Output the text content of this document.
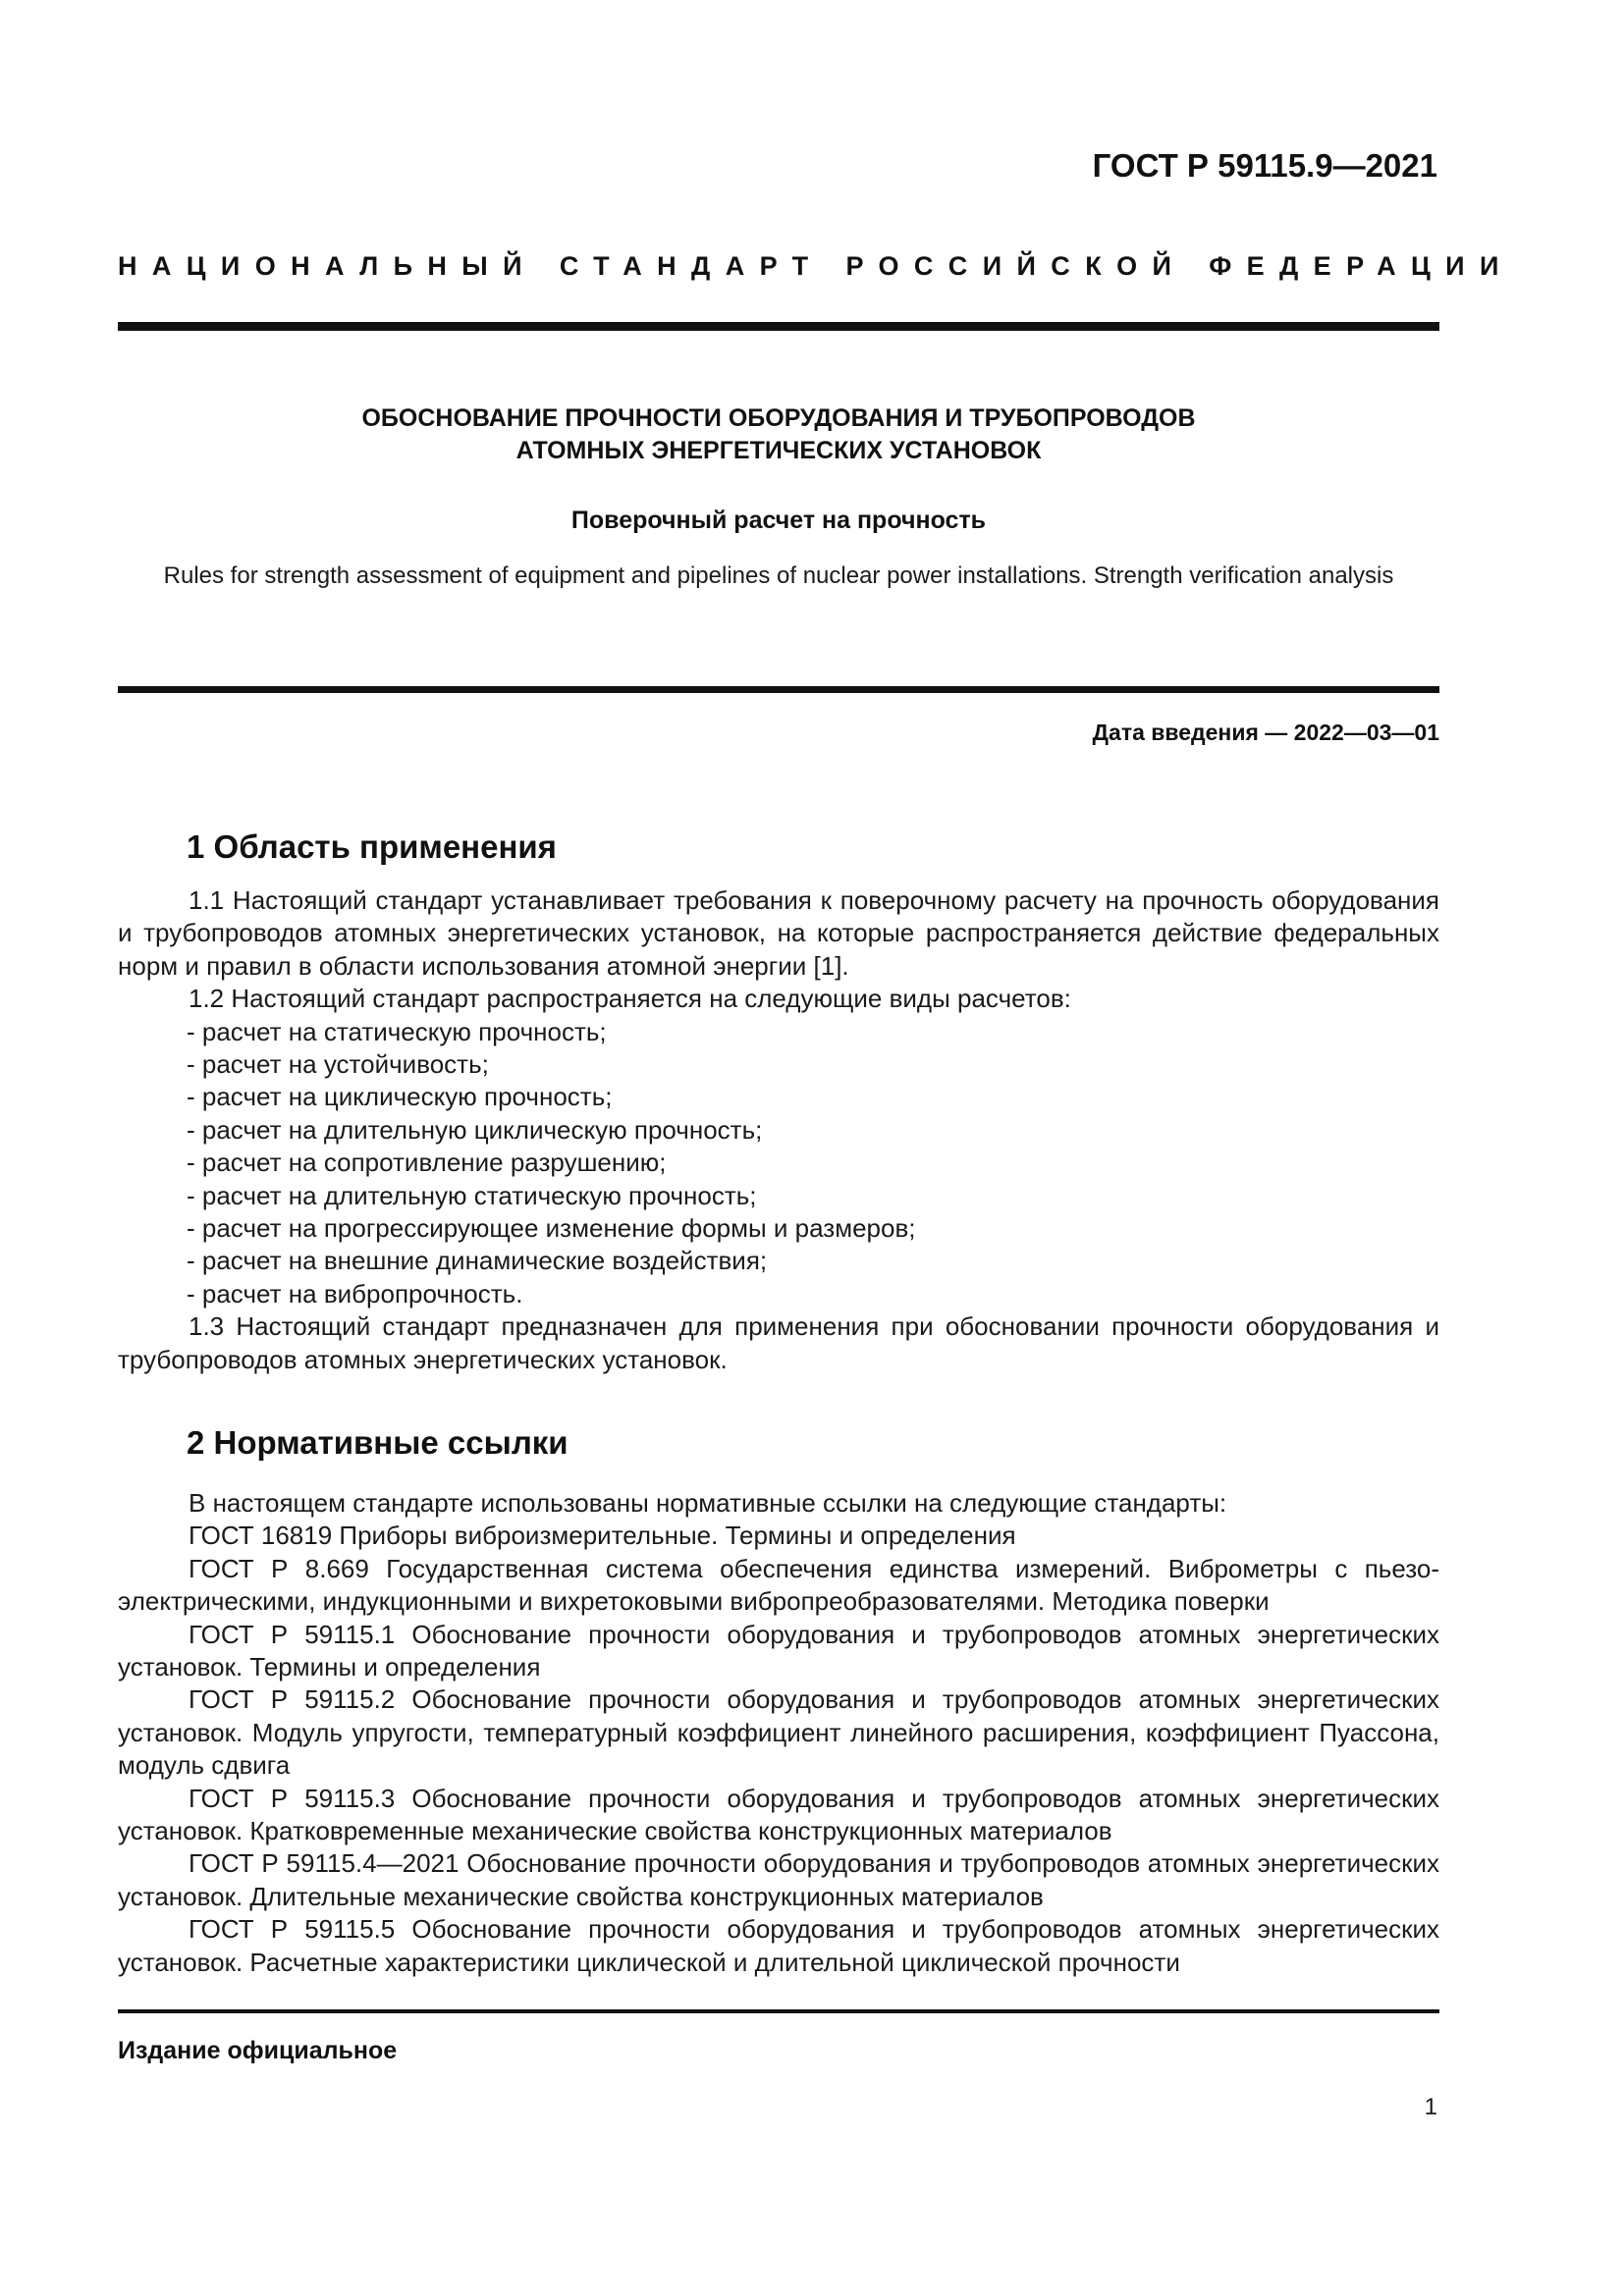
ГОСТ Р 59115.9—2021
НАЦИОНАЛЬНЫЙ СТАНДАРТ РОССИЙСКОЙ ФЕДЕРАЦИИ
ОБОСНОВАНИЕ ПРОЧНОСТИ ОБОРУДОВАНИЯ И ТРУБОПРОВОДОВ
АТОМНЫХ ЭНЕРГЕТИЧЕСКИХ УСТАНОВОК
Поверочный расчет на прочность
Rules for strength assessment of equipment and pipelines of nuclear power installations. Strength verification analysis
Дата введения — 2022—03—01
1 Область применения

1.1 Настоящий стандарт устанавливает требования к поверочному расчету на прочность оборудования и трубопроводов атомных энергетических установок, на которые распространяется действие федеральных норм и правил в области использования атомной энергии [1].

1.2 Настоящий стандарт распространяется на следующие виды расчетов:

- расчет на статическую прочность;

- расчет на устойчивость;

- расчет на циклическую прочность;

- расчет на длительную циклическую прочность;

- расчет на сопротивление разрушению;

- расчет на длительную статическую прочность;

- расчет на прогрессирующее изменение формы и размеров;

- расчет на внешние динамические воздействия;

- расчет на вибропрочность.

1.3 Настоящий стандарт предназначен для применения при обосновании прочности оборудования и трубопроводов атомных энергетических установок.

2 Нормативные ссылки

В настоящем стандарте использованы нормативные ссылки на следующие стандарты:

ГОСТ 16819 Приборы виброизмерительные. Термины и определения

ГОСТ Р 8.669 Государственная система обеспечения единства измерений. Виброметры с пьезоэлектрическими, индукционными и вихретоковыми вибропреобразователями. Методика поверки

ГОСТ Р 59115.1 Обоснование прочности оборудования и трубопроводов атомных энергетических установок. Термины и определения

ГОСТ Р 59115.2 Обоснование прочности оборудования и трубопроводов атомных энергетических установок. Модуль упругости, температурный коэффициент линейного расширения, коэффициент Пуассона, модуль сдвига

ГОСТ Р 59115.3 Обоснование прочности оборудования и трубопроводов атомных энергетических установок. Кратковременные механические свойства конструкционных материалов

ГОСТ Р 59115.4—2021 Обоснование прочности оборудования и трубопроводов атомных энергетических установок. Длительные механические свойства конструкционных материалов

ГОСТ Р 59115.5 Обоснование прочности оборудования и трубопроводов атомных энергетических установок. Расчетные характеристики циклической и длительной циклической прочности

Издание официальное
1
